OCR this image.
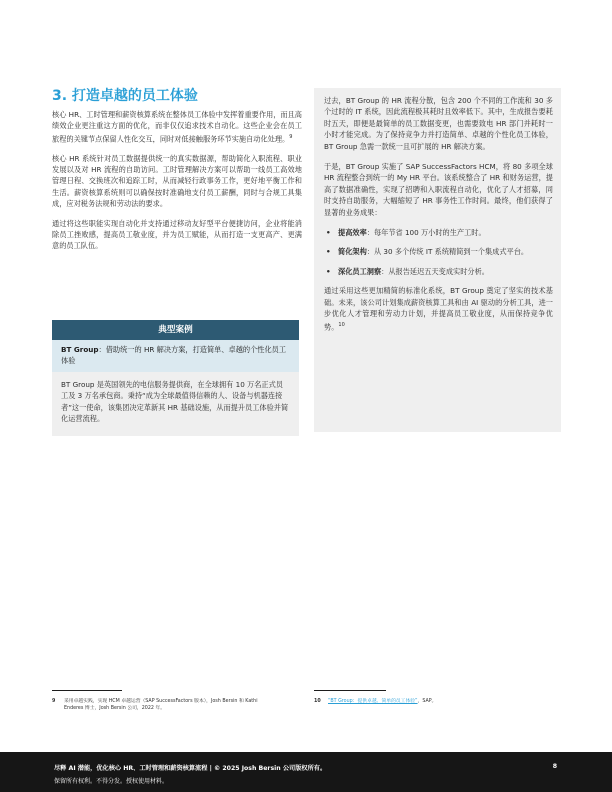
3. 打造卓越的员工体验

核心 HR、工时管理和薪资核算系统在整体员工体验中发挥着重要作用，而且高绩效企业更注重这方面的优化，而非仅仅追求技术自动化。这些企业会在员工旅程的关键节点保留人性化交互，同时对低接触服务环节实施自动化处理。$^9$

核心 HR 系统针对员工数据提供统一的真实数据源，帮助简化入职流程、职业发展以及对 HR 流程的自助访问。工时管理解决方案可以帮助一线员工高效地管理日程、交换班次和追踪工时，从而减轻行政事务工作，更好地平衡工作和生活。薪资核算系统则可以确保按时准确地支付员工薪酬，同时与合规工具集成，应对税务法规和劳动法的要求。

通过将这些职能实现自动化并支持通过移动友好型平台便捷访问，企业将能消除员工挫败感，提高员工敬业度，并为员工赋能，从而打造一支更高产、更满意的员工队伍。

典型案例
BT Group：借助统一的 HR 解决方案，打造简单、卓越的个性化员工体验
BT Group 是英国领先的电信服务提供商，在全球拥有 10 万名正式员工及 3 万名承包商。秉持“成为全球最值得信赖的人、设备与机器连接者”这一使命，该集团决定革新其 HR 基础设施，从而提升员工体验并简化运营流程。

过去，BT Group 的 HR 流程分散，包含 200 个不同的工作流和 30 多个过时的 IT 系统，因此流程极其耗时且效率低下。其中，生成报告要耗时五天，即便是最简单的员工数据变更，也需要致电 HR 部门并耗时一小时才能完成。为了保持竞争力并打造简单、卓越的个性化员工体验，BT Group 急需一款统一且可扩展的 HR 解决方案。

于是，BT Group 实施了 SAP SuccessFactors HCM，将 80 多项全球 HR 流程整合到统一的 My HR 平台。该系统整合了 HR 和财务运营，提高了数据准确性，实现了招聘和入职流程自动化，优化了人才招募，同时支持自助服务，大幅缩短了 HR 事务性工作时间。最终，他们获得了显著的业务成果：

• 提高效率：每年节省 100 万小时的生产工时。
• 简化架构：从 30 多个传统 IT 系统精简到一个集成式平台。
• 深化员工洞察：从报告延迟五天变成实时分析。

通过采用这些更加精简的标准化系统，BT Group 奠定了坚实的技术基础。未来，该公司计划集成薪资核算工具和由 AI 驱动的分析工具，进一步优化人才管理和劳动力计划，并提高员工敬业度，从而保持竞争优势。$^{10}$

9 采用卓越实践，实现 HCM 卓越运营（SAP SuccessFactors 版本），Josh Bersin 和 Kathi
Enderes 博士，Josh Bersin 公司，2022 年。
10 “BT Group：提供卓越、简单的员工体验”，SAP。
尽释 AI 潜能，优化核心 HR、工时管理和薪资核算流程 | © 2025 Josh Bersin 公司版权所有。
保留所有权利。不得分发。授权使用材料。
8
